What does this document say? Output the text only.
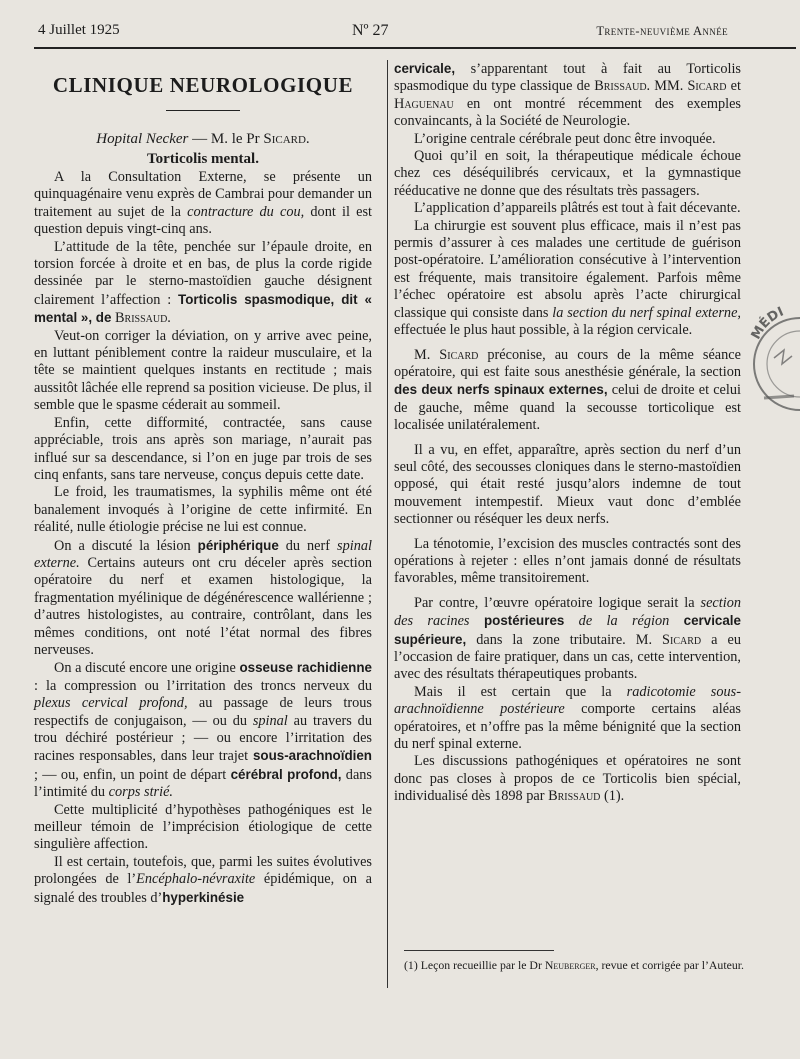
4 Juillet 1925	Nº 27	Trente-neuvième Année
CLINIQUE NEUROLOGIQUE

Hopital Necker — M. le Pr Sicard.

Torticolis mental.

A la Consultation Externe, se présente un quinquagénaire venu exprès de Cambrai pour demander un traitement au sujet de la contracture du cou, dont il est question depuis vingt-cinq ans.

L’attitude de la tête, penchée sur l’épaule droite, en torsion forcée à droite et en bas, de plus la corde rigide dessinée par le sterno-mastoïdien gauche désignent clairement l’affection : Torticolis spasmodique, dit « mental », de Brissaud.

Veut-on corriger la déviation, on y arrive avec peine, en luttant péniblement contre la raideur musculaire, et la tête se maintient quelques instants en rectitude ; mais aussitôt lâchée elle reprend sa position vicieuse. De plus, il semble que le spasme céderait au sommeil.

Enfin, cette difformité, contractée, sans cause appréciable, trois ans après son mariage, n’aurait pas influé sur sa descendance, si l’on en juge par trois de ses cinq enfants, sans tare nerveuse, conçus depuis cette date.

Le froid, les traumatismes, la syphilis même ont été banalement invoqués à l’origine de cette infirmité. En réalité, nulle étiologie précise ne lui est connue.

On a discuté la lésion périphérique du nerf spinal externe. Certains auteurs ont cru déceler après section opératoire du nerf et examen histologique, la fragmentation myélinique de dégénérescence wallérienne ; d’autres histologistes, au contraire, contrôlant, dans les mêmes conditions, ont noté l’état normal des fibres nerveuses.

On a discuté encore une origine osseuse rachidienne : la compression ou l’irritation des troncs nerveux du plexus cervical profond, au passage de leurs trous respectifs de conjugaison, — ou du spinal au travers du trou déchiré postérieur ; — ou encore l’irritation des racines responsables, dans leur trajet sous-arachnoïdien ; — ou, enfin, un point de départ cérébral profond, dans l’intimité du corps strié.

Cette multiplicité d’hypothèses pathogéniques est le meilleur témoin de l’imprécision étiologique de cette singulière affection.

Il est certain, toutefois, que, parmi les suites évolutives prolongées de l’Encéphalo-névraxite épidémique, on a signalé des troubles d’hyperkinésie

cervicale, s’apparentant tout à fait au Torticolis spasmodique du type classique de Brissaud. MM. Sicard et Haguenau en ont montré récemment des exemples convaincants, à la Société de Neurologie.

L’origine centrale cérébrale peut donc être invoquée.

Quoi qu’il en soit, la thérapeutique médicale échoue chez ces déséquilibrés cervicaux, et la gymnastique rééducative ne donne que des résultats très passagers.

L’application d’appareils plâtrés est tout à fait décevante.

La chirurgie est souvent plus efficace, mais il n’est pas permis d’assurer à ces malades une certitude de guérison post-opératoire. L’amélioration consécutive à l’intervention est fréquente, mais transitoire également. Parfois même l’échec opératoire est absolu après l’acte chirurgical classique qui consiste dans la section du nerf spinal externe, effectuée le plus haut possible, à la région cervicale.

M. Sicard préconise, au cours de la même séance opératoire, qui est faite sous anesthésie générale, la section des deux nerfs spinaux externes, celui de droite et celui de gauche, même quand la secousse torticolique est localisée unilatéralement.

Il a vu, en effet, apparaître, après section du nerf d’un seul côté, des secousses cloniques dans le sterno-mastoïdien opposé, qui était resté jusqu’alors indemne de tout mouvement intempestif. Mieux vaut donc d’emblée sectionner ou réséquer les deux nerfs.

La ténotomie, l’excision des muscles contractés sont des opérations à rejeter : elles n’ont jamais donné de résultats favorables, même transitoirement.

Par contre, l’œuvre opératoire logique serait la section des racines postérieures de la région cervicale supérieure, dans la zone tributaire. M. Sicard a eu l’occasion de faire pratiquer, dans un cas, cette intervention, avec des résultats thérapeutiques probants.

Mais il est certain que la radicotomie sous-arachnoïdienne postérieure comporte certains aléas opératoires, et n’offre pas la même bénignité que la section du nerf spinal externe.

Les discussions pathogéniques et opératoires ne sont donc pas closes à propos de ce Torticolis bien spécial, individualisé dès 1898 par Brissaud (1).

(1) Leçon recueillie par le Dr Neuberger, revue et corrigée par l’Auteur.
MÉDI
